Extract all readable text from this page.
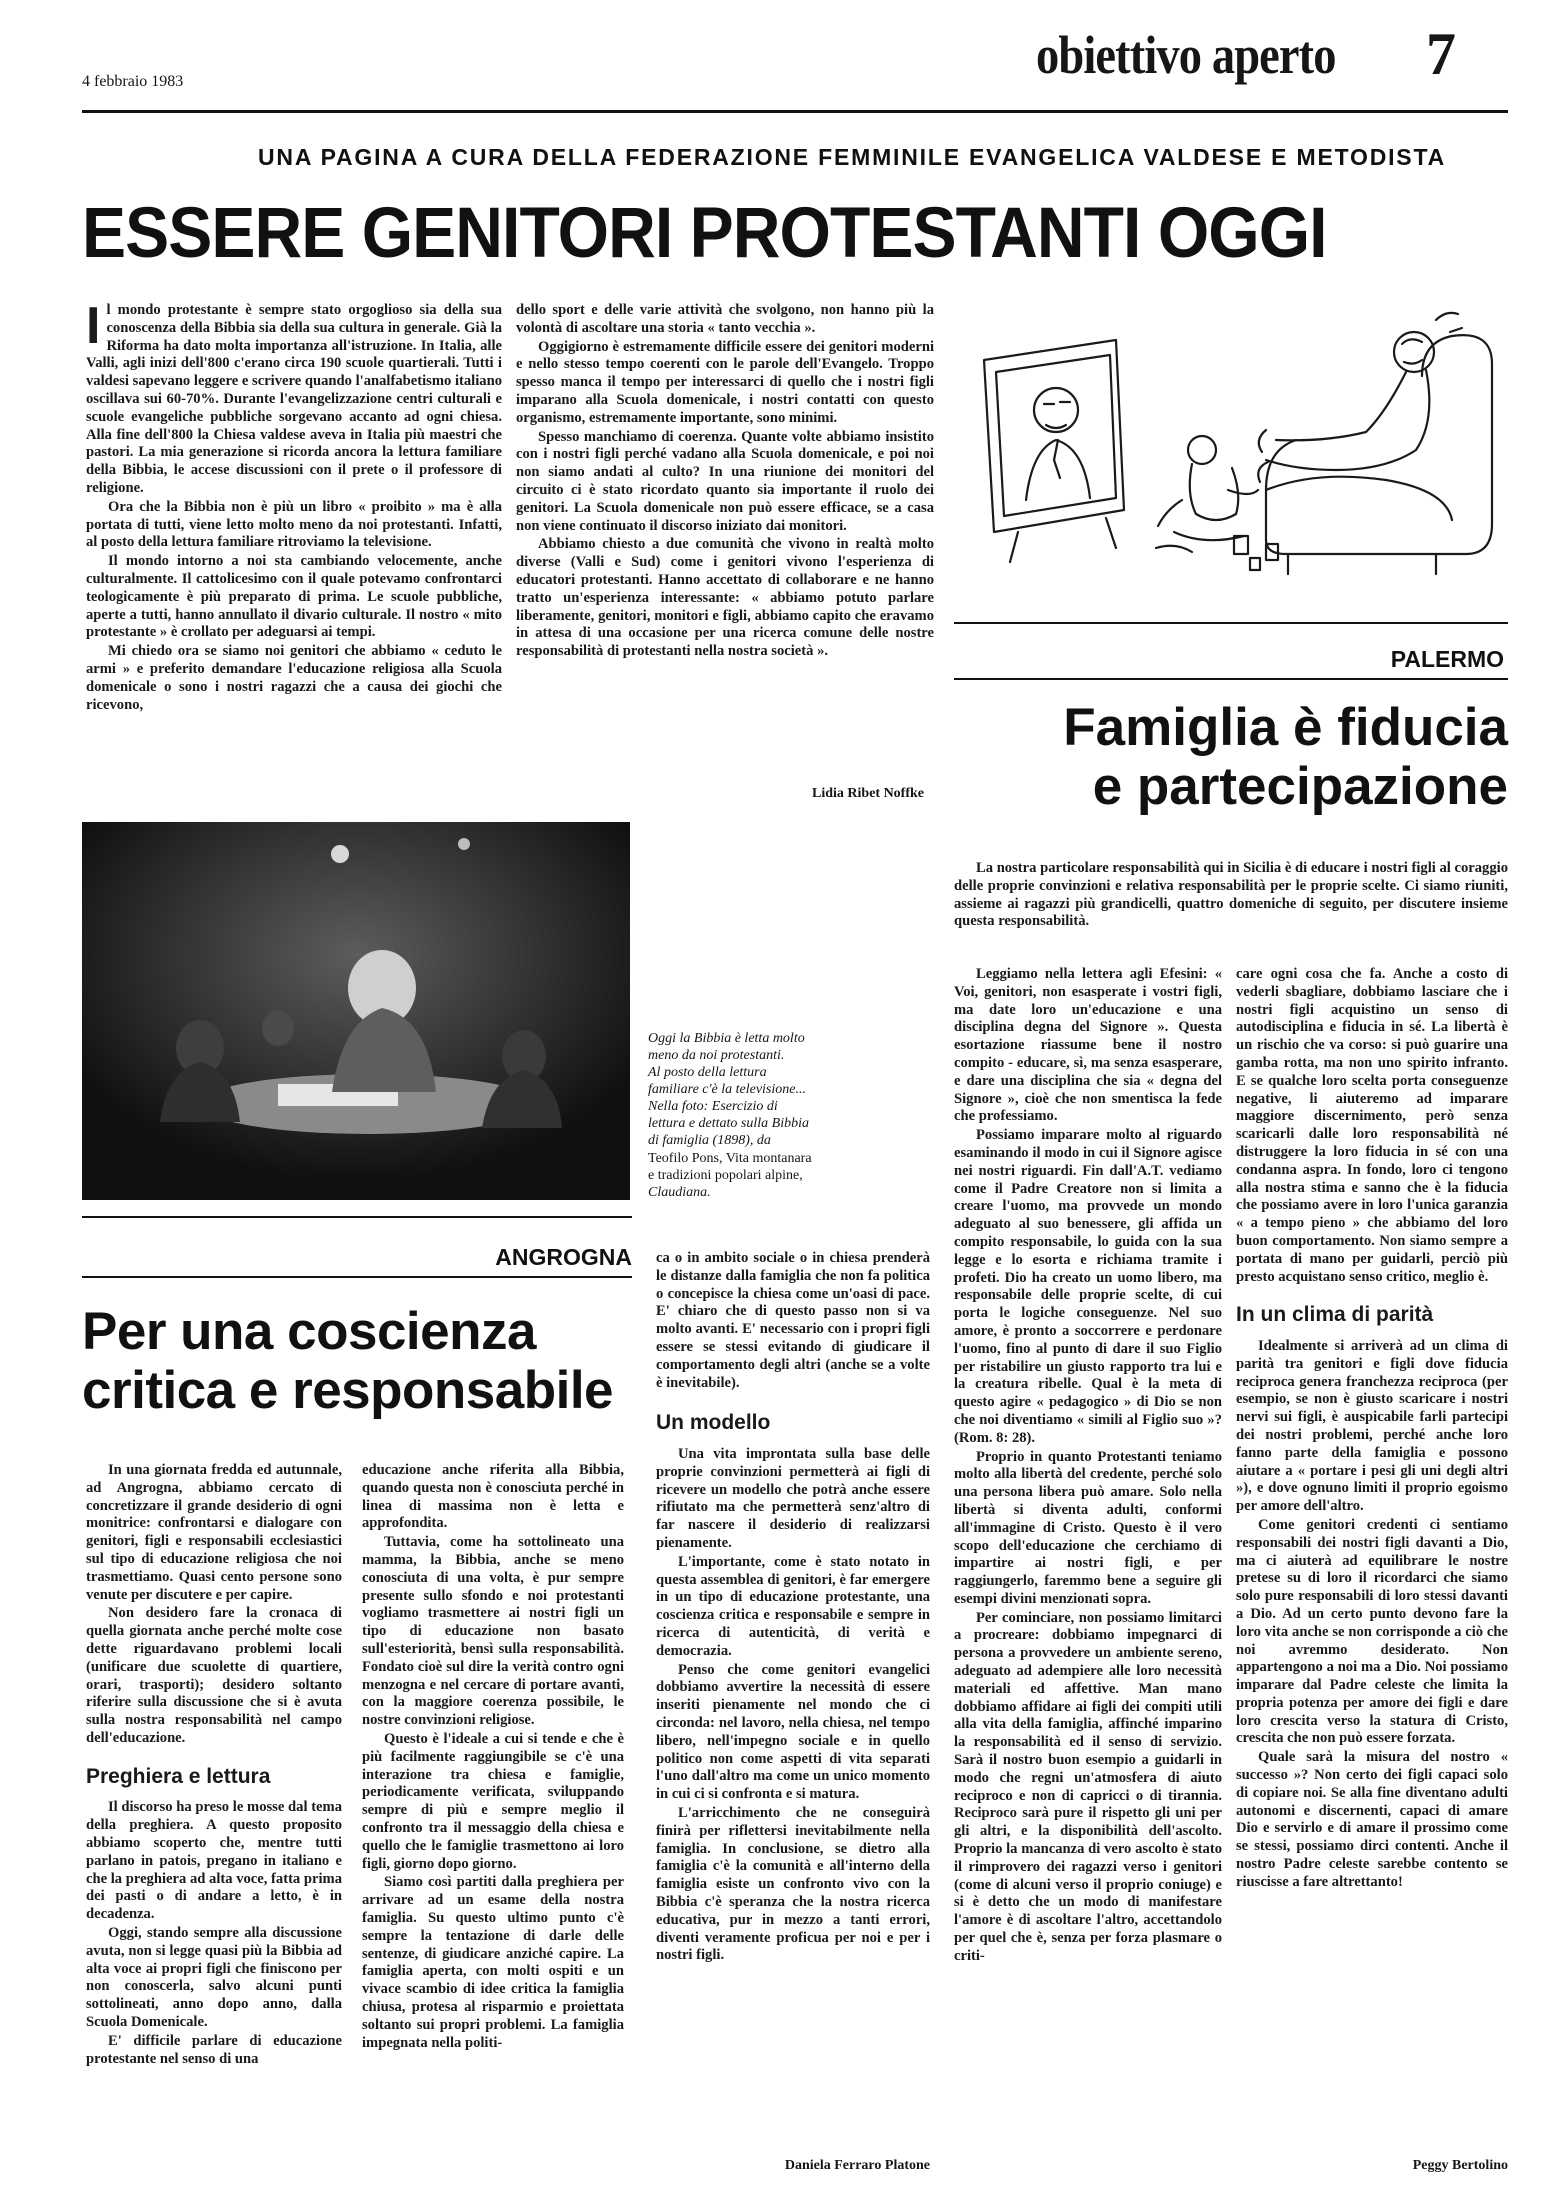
4 febbraio 1983	obiettivo aperto 7
UNA PAGINA A CURA DELLA FEDERAZIONE FEMMINILE EVANGELICA VALDESE E METODISTA
ESSERE GENITORI PROTESTANTI OGGI

Il mondo protestante è sempre stato orgoglioso sia della sua conoscenza della Bibbia sia della sua cultura in generale. Già la Riforma ha dato molta importanza all'istruzione. In Italia, alle Valli, agli inizi dell'800 c'erano circa 190 scuole quartierali. Tutti i valdesi sapevano leggere e scrivere quando l'analfabetismo italiano oscillava sui 60-70%. Durante l'evangelizzazione centri culturali e scuole evangeliche pubbliche sorgevano accanto ad ogni chiesa. Alla fine dell'800 la Chiesa valdese aveva in Italia più maestri che pastori. La mia generazione si ricorda ancora la lettura familiare della Bibbia, le accese discussioni con il prete o il professore di religione.

Ora che la Bibbia non è più un libro « proibito » ma è alla portata di tutti, viene letto molto meno da noi protestanti. Infatti, al posto della lettura familiare ritroviamo la televisione.

Il mondo intorno a noi sta cambiando velocemente, anche culturalmente. Il cattolicesimo con il quale potevamo confrontarci teologicamente è più preparato di prima. Le scuole pubbliche, aperte a tutti, hanno annullato il divario culturale. Il nostro « mito protestante » è crollato per adeguarsi ai tempi.

Mi chiedo ora se siamo noi genitori che abbiamo « ceduto le armi » e preferito demandare l'educazione religiosa alla Scuola domenicale o sono i nostri ragazzi che a causa dei giochi che ricevono,

dello sport e delle varie attività che svolgono, non hanno più la volontà di ascoltare una storia « tanto vecchia ».

Oggigiorno è estremamente difficile essere dei genitori moderni e nello stesso tempo coerenti con le parole dell'Evangelo. Troppo spesso manca il tempo per interessarci di quello che i nostri figli imparano alla Scuola domenicale, i nostri contatti con questo organismo, estremamente importante, sono minimi.

Spesso manchiamo di coerenza. Quante volte abbiamo insistito con i nostri figli perché vadano alla Scuola domenicale, e poi noi non siamo andati al culto? In una riunione dei monitori del circuito ci è stato ricordato quanto sia importante il ruolo dei genitori. La Scuola domenicale non può essere efficace, se a casa non viene continuato il discorso iniziato dai monitori.

Abbiamo chiesto a due comunità che vivono in realtà molto diverse (Valli e Sud) come i genitori vivono l'esperienza di educatori protestanti. Hanno accettato di collaborare e ne hanno tratto un'esperienza interessante: « abbiamo potuto parlare liberamente, genitori, monitori e figli, abbiamo capito che eravamo in attesa di una occasione per una ricerca comune delle nostre responsabilità di protestanti nella nostra società ».

Lidia Ribet Noffke
Oggi la Bibbia è letta molto
meno da noi protestanti.
Al posto della lettura
familiare c'è la televisione...
Nella foto: Esercizio di
lettura e dettato sulla Bibbia
di famiglia (1898), da
Teofilo Pons, Vita montanara
e tradizioni popolari alpine,
Claudiana.
PALERMO
Famiglia è fiducia
e partecipazione

La nostra particolare responsabilità qui in Sicilia è di educare i nostri figli al coraggio delle proprie convinzioni e relativa responsabilità per le proprie scelte. Ci siamo riuniti, assieme ai ragazzi più grandicelli, quattro domeniche di seguito, per discutere insieme questa responsabilità.

Leggiamo nella lettera agli Efesini: « Voi, genitori, non esasperate i vostri figli, ma date loro un'educazione e una disciplina degna del Signore ». Questa esortazione riassume bene il nostro compito - educare, sì, ma senza esasperare, e dare una disciplina che sia « degna del Signore », cioè che non smentisca la fede che professiamo.

Possiamo imparare molto al riguardo esaminando il modo in cui il Signore agisce nei nostri riguardi. Fin dall'A.T. vediamo come il Padre Creatore non si limita a creare l'uomo, ma provvede un mondo adeguato al suo benessere, gli affida un compito responsabile, lo guida con la sua legge e lo esorta e richiama tramite i profeti. Dio ha creato un uomo libero, ma responsabile delle proprie scelte, di cui porta le logiche conseguenze. Nel suo amore, è pronto a soccorrere e perdonare l'uomo, fino al punto di dare il suo Figlio per ristabilire un giusto rapporto tra lui e la creatura ribelle. Qual è la meta di questo agire « pedagogico » di Dio se non che noi diventiamo « simili al Figlio suo »? (Rom. 8: 28).

Proprio in quanto Protestanti teniamo molto alla libertà del credente, perché solo una persona libera può amare. Solo nella libertà si diventa adulti, conformi all'immagine di Cristo. Questo è il vero scopo dell'educazione che cerchiamo di impartire ai nostri figli, e per raggiungerlo, faremmo bene a seguire gli esempi divini menzionati sopra.

Per cominciare, non possiamo limitarci a procreare: dobbiamo impegnarci di persona a provvedere un ambiente sereno, adeguato ad adempiere alle loro necessità materiali ed affettive. Man mano dobbiamo affidare ai figli dei compiti utili alla vita della famiglia, affinché imparino la responsabilità ed il senso di servizio. Sarà il nostro buon esempio a guidarli in modo che regni un'atmosfera di aiuto reciproco e non di capricci o di tirannia. Reciproco sarà pure il rispetto gli uni per gli altri, e la disponibilità dell'ascolto. Proprio la mancanza di vero ascolto è stato il rimprovero dei ragazzi verso i genitori (come di alcuni verso il proprio coniuge) e si è detto che un modo di manifestare l'amore è di ascoltare l'altro, accettandolo per quel che è, senza per forza plasmare o criti-

care ogni cosa che fa. Anche a costo di vederli sbagliare, dobbiamo lasciare che i nostri figli acquistino un senso di autodisciplina e fiducia in sé. La libertà è un rischio che va corso: si può guarire una gamba rotta, ma non uno spirito infranto. E se qualche loro scelta porta conseguenze negative, li aiuteremo ad imparare maggiore discernimento, però senza scaricarli dalle loro responsabilità né distruggere la loro fiducia in sé con una condanna aspra. In fondo, loro ci tengono alla nostra stima e sanno che è la fiducia che possiamo avere in loro l'unica garanzia « a tempo pieno » che abbiamo del loro buon comportamento. Non siamo sempre a portata di mano per guidarli, perciò più presto acquistano senso critico, meglio è.

In un clima di parità

Idealmente si arriverà ad un clima di parità tra genitori e figli dove fiducia reciproca genera franchezza reciproca (per esempio, se non è giusto scaricare i nostri nervi sui figli, è auspicabile farli partecipi dei nostri problemi, perché anche loro fanno parte della famiglia e possono aiutare a « portare i pesi gli uni degli altri »), e dove ognuno limiti il proprio egoismo per amore dell'altro.

Come genitori credenti ci sentiamo responsabili dei nostri figli davanti a Dio, ma ci aiuterà ad equilibrare le nostre pretese su di loro il ricordarci che siamo solo pure responsabili di loro stessi davanti a Dio. Ad un certo punto devono fare la loro vita anche se non corrisponde a ciò che noi avremmo desiderato. Non appartengono a noi ma a Dio. Noi possiamo imparare dal Padre celeste che limita la propria potenza per amore dei figli e dare loro crescita verso la statura di Cristo, crescita che non può essere forzata.

Quale sarà la misura del nostro « successo »? Non certo dei figli capaci solo di copiare noi. Se alla fine diventano adulti autonomi e discernenti, capaci di amare Dio e servirlo e di amare il prossimo come se stessi, possiamo dirci contenti. Anche il nostro Padre celeste sarebbe contento se riuscisse a fare altrettanto!

Peggy Bertolino
ANGROGNA
Per una coscienza
critica e responsabile

In una giornata fredda ed autunnale, ad Angrogna, abbiamo cercato di concretizzare il grande desiderio di ogni monitrice: confrontarsi e dialogare con genitori, figli e responsabili ecclesiastici sul tipo di educazione religiosa che noi trasmettiamo. Quasi cento persone sono venute per discutere e per capire.

Non desidero fare la cronaca di quella giornata anche perché molte cose dette riguardavano problemi locali (unificare due scuolette di quartiere, orari, trasporti); desidero soltanto riferire sulla discussione che si è avuta sulla nostra responsabilità nel campo dell'educazione.

Preghiera e lettura

Il discorso ha preso le mosse dal tema della preghiera. A questo proposito abbiamo scoperto che, mentre tutti parlano in patois, pregano in italiano e che la preghiera ad alta voce, fatta prima dei pasti o di andare a letto, è in decadenza.

Oggi, stando sempre alla discussione avuta, non si legge quasi più la Bibbia ad alta voce ai propri figli che finiscono per non conoscerla, salvo alcuni punti sottolineati, anno dopo anno, dalla Scuola Domenicale.

E' difficile parlare di educazione protestante nel senso di una

educazione anche riferita alla Bibbia, quando questa non è conosciuta perché in linea di massima non è letta e approfondita.

Tuttavia, come ha sottolineato una mamma, la Bibbia, anche se meno conosciuta di una volta, è pur sempre presente sullo sfondo e noi protestanti vogliamo trasmettere ai nostri figli un tipo di educazione non basato sull'esteriorità, bensì sulla responsabilità. Fondato cioè sul dire la verità contro ogni menzogna e nel cercare di portare avanti, con la maggiore coerenza possibile, le nostre convinzioni religiose.

Questo è l'ideale a cui si tende e che è più facilmente raggiungibile se c'è una interazione tra chiesa e famiglie, periodicamente verificata, sviluppando sempre di più e sempre meglio il confronto tra il messaggio della chiesa e quello che le famiglie trasmettono ai loro figli, giorno dopo giorno.

Siamo così partiti dalla preghiera per arrivare ad un esame della nostra famiglia. Su questo ultimo punto c'è sempre la tentazione di darle delle sentenze, di giudicare anziché capire. La famiglia aperta, con molti ospiti e un vivace scambio di idee critica la famiglia chiusa, protesa al risparmio e proiettata soltanto sui propri problemi. La famiglia impegnata nella politi-

ca o in ambito sociale o in chiesa prenderà le distanze dalla famiglia che non fa politica o concepisce la chiesa come un'oasi di pace. E' chiaro che di questo passo non si va molto avanti. E' necessario con i propri figli essere se stessi evitando di giudicare il comportamento degli altri (anche se a volte è inevitabile).

Un modello

Una vita improntata sulla base delle proprie convinzioni permetterà ai figli di ricevere un modello che potrà anche essere rifiutato ma che permetterà senz'altro di far nascere il desiderio di realizzarsi pienamente.

L'importante, come è stato notato in questa assemblea di genitori, è far emergere in un tipo di educazione protestante, una coscienza critica e responsabile e sempre in ricerca di autenticità, di verità e democrazia.

Penso che come genitori evangelici dobbiamo avvertire la necessità di essere inseriti pienamente nel mondo che ci circonda: nel lavoro, nella chiesa, nel tempo libero, nell'impegno sociale e in quello politico non come aspetti di vita separati l'uno dall'altro ma come un unico momento in cui ci si confronta e si matura.

L'arricchimento che ne conseguirà finirà per riflettersi inevitabilmente nella famiglia. In conclusione, se dietro alla famiglia c'è la comunità e all'interno della famiglia esiste un confronto vivo con la Bibbia c'è speranza che la nostra ricerca educativa, pur in mezzo a tanti errori, diventi veramente proficua per noi e per i nostri figli.

Daniela Ferraro Platone
